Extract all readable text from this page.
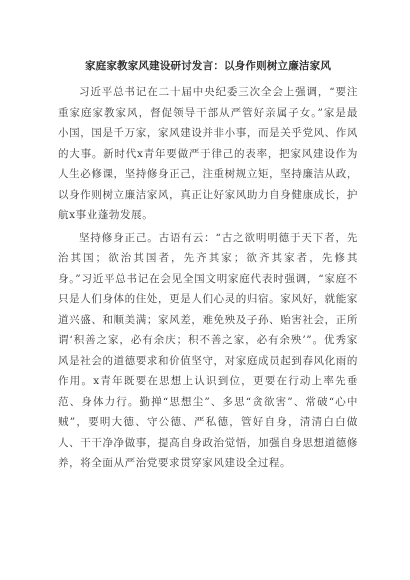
家庭家教家风建设研讨发言：以身作则树立廉洁家风

习近平总书记在二十届中央纪委三次全会上强调，“要注重家庭家教家风，督促领导干部从严管好亲属子女。”家是最小国，国是千万家，家风建设并非小事，而是关乎党风、作风的大事。新时代x青年要做严于律己的表率，把家风建设作为人生必修课，坚持修身正己，注重树规立矩，坚持廉洁从政，以身作则树立廉洁家风，真正让好家风助力自身健康成长，护航x事业蓬勃发展。

坚持修身正己。古语有云：“古之欲明明德于天下者，先治其国；欲治其国者，先齐其家；欲齐其家者，先修其身。”习近平总书记在会见全国文明家庭代表时强调，“家庭不只是人们身体的住处，更是人们心灵的归宿。家风好，就能家道兴盛、和顺美满；家风差，难免殃及子孙、贻害社会，正所谓‘积善之家，必有余庆；积不善之家，必有余殃’”。优秀家风是社会的道德要求和价值坚守，对家庭成员起到春风化雨的作用。x青年既要在思想上认识到位，更要在行动上率先垂范、身体力行。勤掸“思想尘”、多思“贪欲害”、常破“心中贼”，要明大德、守公德、严私德，管好自身，清清白白做人、干干净净做事，提高自身政治觉悟，加强自身思想道德修养，将全面从严治党要求贯穿家风建设全过程。
